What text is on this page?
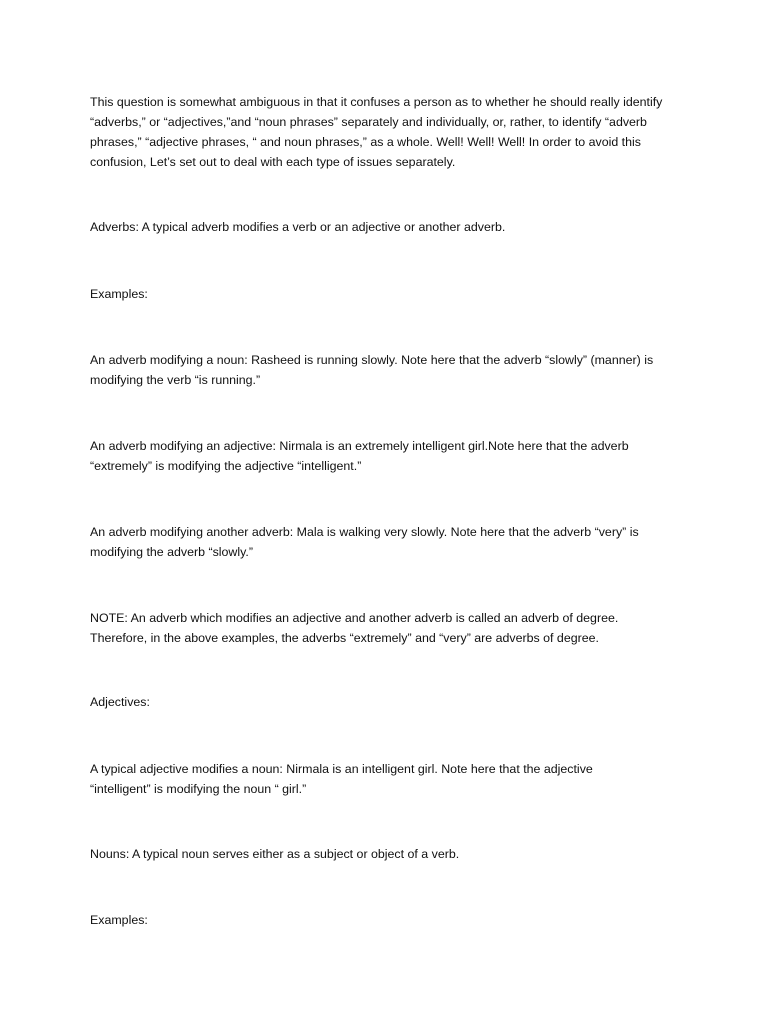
This question is somewhat ambiguous in that it confuses a person as to whether he should really identify
“adverbs,” or “adjectives,”and “noun phrases” separately and individually, or, rather, to identify “adverb
phrases,” “adjective phrases, “ and noun phrases,” as a whole. Well! Well! Well! In order to avoid this
confusion, Let’s set out to deal with each type of issues separately.

Adverbs: A typical adverb modifies a verb or an adjective or another adverb.

Examples:

An adverb modifying a noun: Rasheed is running slowly. Note here that the adverb “slowly” (manner) is
modifying the verb “is running.”

An adverb modifying an adjective: Nirmala is an extremely intelligent girl.Note here that the adverb
“extremely” is modifying the adjective “intelligent.”

An adverb modifying another adverb: Mala is walking very slowly. Note here that the adverb “very” is
modifying the adverb “slowly.”

NOTE: An adverb which modifies an adjective and another adverb is called an adverb of degree.
Therefore, in the above examples, the adverbs “extremely” and “very” are adverbs of degree.

Adjectives:

A typical adjective modifies a noun: Nirmala is an intelligent girl. Note here that the adjective
“intelligent” is modifying the noun “ girl.”

Nouns: A typical noun serves either as a subject or object of a verb.

Examples:
